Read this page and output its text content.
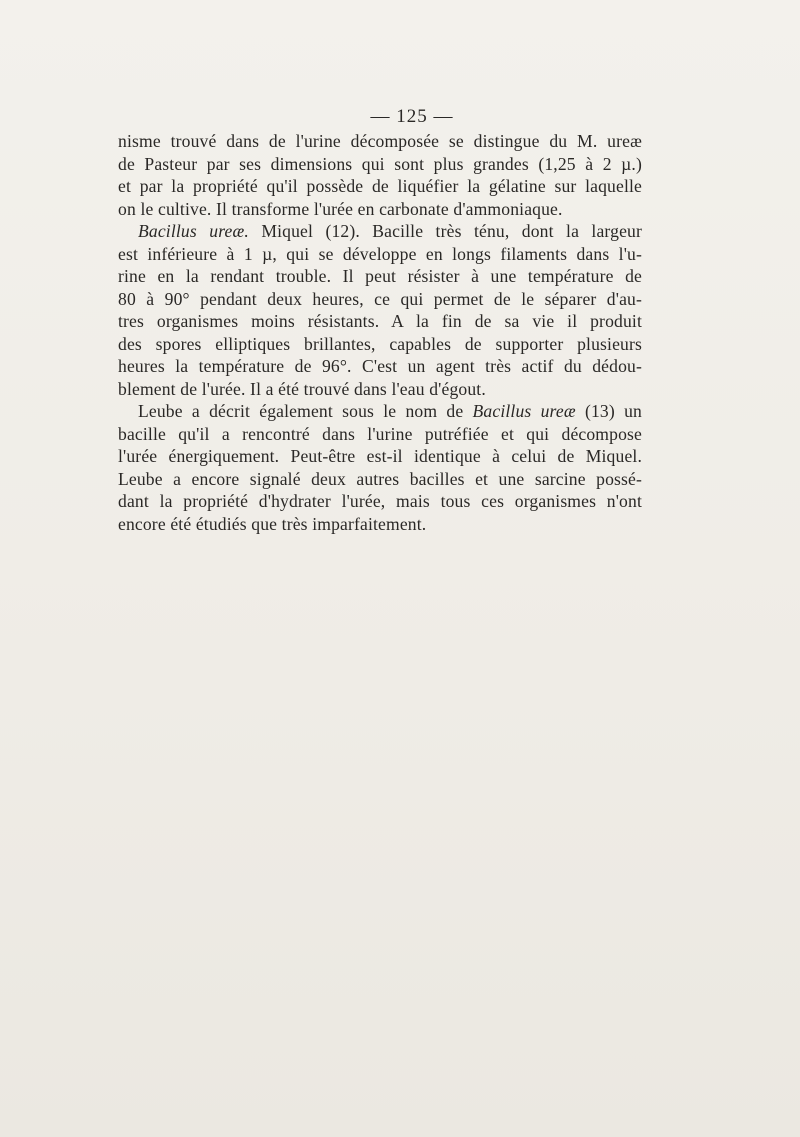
— 125 —
nisme trouvé dans de l'urine décomposée se distingue du M. ureæ
de Pasteur par ses dimensions qui sont plus grandes (1,25 à 2 µ.)
et par la propriété qu'il possède de liquéfier la gélatine sur laquelle
on le cultive. Il transforme l'urée en carbonate d'ammoniaque.
Bacillus ureæ. Miquel (12). Bacille très ténu, dont la largeur
est inférieure à 1 µ, qui se développe en longs filaments dans l'u-
rine en la rendant trouble. Il peut résister à une température de
80 à 90° pendant deux heures, ce qui permet de le séparer d'au-
tres organismes moins résistants. A la fin de sa vie il produit
des spores elliptiques brillantes, capables de supporter plusieurs
heures la température de 96°. C'est un agent très actif du dédou-
blement de l'urée. Il a été trouvé dans l'eau d'égout.
Leube a décrit également sous le nom de Bacillus ureæ (13) un
bacille qu'il a rencontré dans l'urine putréfiée et qui décompose
l'urée énergiquement. Peut-être est-il identique à celui de Miquel.
Leube a encore signalé deux autres bacilles et une sarcine possé-
dant la propriété d'hydrater l'urée, mais tous ces organismes n'ont
encore été étudiés que très imparfaitement.
